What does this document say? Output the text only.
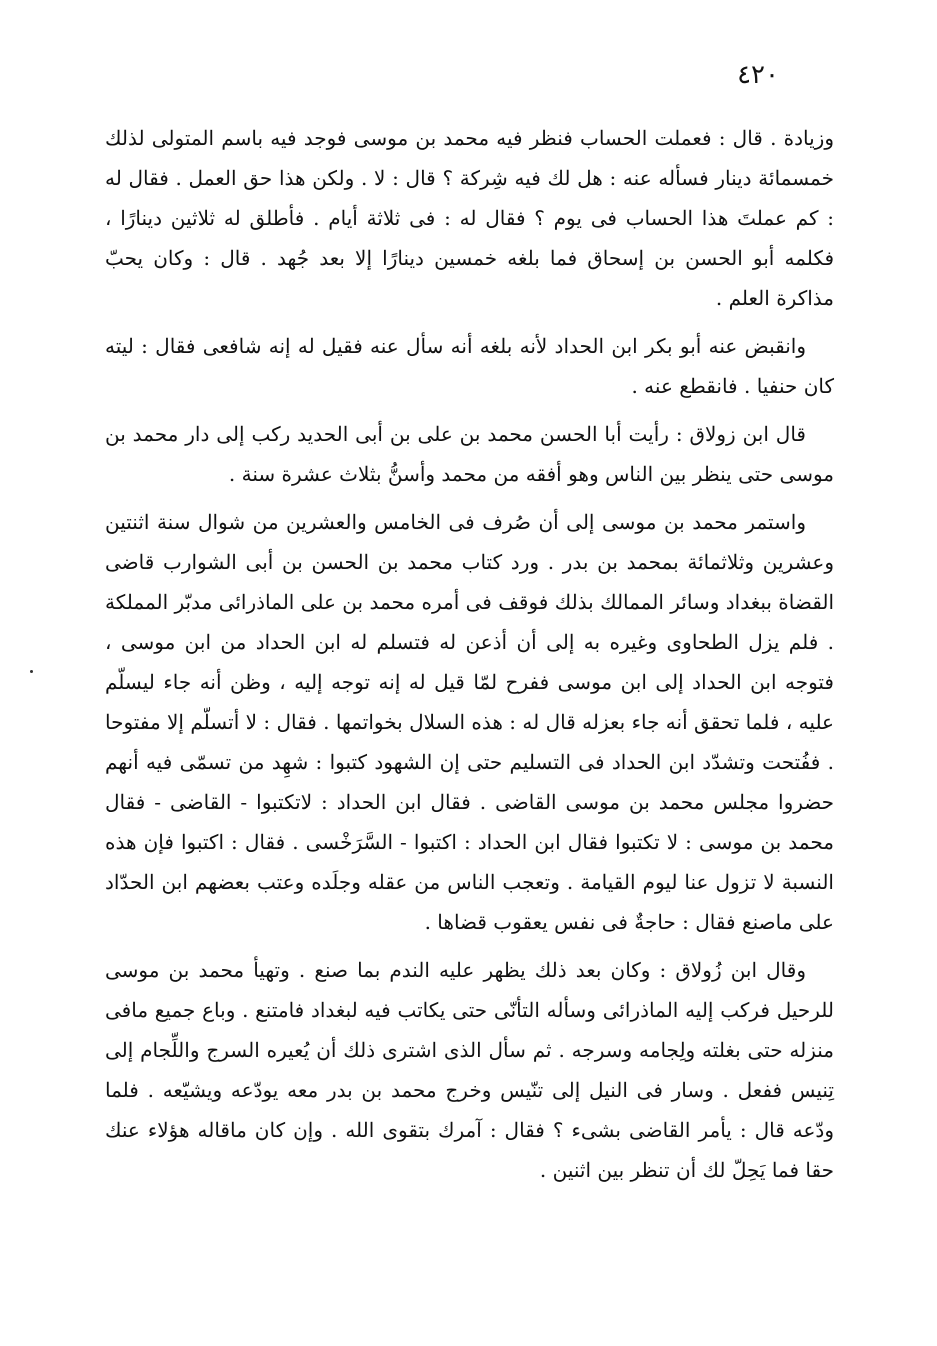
٤٢٠

وزيادة . قال : فعملت الحساب فنظر فيه محمد بن موسى فوجد فيه باسم المتولى لذلك خمسمائة دينار فسأله عنه : هل لك فيه شِركة ؟ قال : لا . ولكن هذا حق العمل . فقال له : كم عملتَ هذا الحساب فى يوم ؟ فقال له : فى ثلاثة أيام . فأطلق له ثلاثين دينارًا ، فكلمه أبو الحسن بن إسحاق فما بلغه خمسين دينارًا إلا بعد جُهد . قال : وكان يحبّ مذاكرة العلم .

وانقبض عنه أبو بكر ابن الحداد لأنه بلغه أنه سأل عنه فقيل له إنه شافعى فقال : ليته كان حنفيا . فانقطع عنه .

قال ابن زولاق : رأيت أبا الحسن محمد بن على بن أبى الحديد ركب إلى دار محمد بن موسى حتى ينظر بين الناس وهو أفقه من محمد وأسنُّ بثلاث عشرة سنة .

واستمر محمد بن موسى إلى أن صُرف فى الخامس والعشرين من شوال سنة اثنتين وعشرين وثلاثمائة بمحمد بن بدر . ورد كتاب محمد بن الحسن بن أبى الشوارب قاضى القضاة ببغداد وسائر الممالك بذلك فوقف فى أمره محمد بن على الماذرائى مدبّر المملكة . فلم يزل الطحاوى وغيره به إلى أن أذعن له فتسلم له ابن الحداد من ابن موسى ، فتوجه ابن الحداد إلى ابن موسى ففرح لمّا قيل له إنه توجه إليه ، وظن أنه جاء ليسلّم عليه ، فلما تحقق أنه جاء بعزله قال له : هذه السلال بخواتمها . فقال : لا أتسلّم إلا مفتوحا . ففُتحت وتشدّد ابن الحداد فى التسليم حتى إن الشهود كتبوا : شهِد من تسمّى فيه أنهم حضروا مجلس محمد بن موسى القاضى . فقال ابن الحداد : لاتكتبوا - القاضى - فقال محمد بن موسى : لا تكتبوا فقال ابن الحداد : اكتبوا - السَّرَخْسى . فقال : اكتبوا فإن هذه النسبة لا تزول عنا ليوم القيامة . وتعجب الناس من عقله وجلَده وعتب بعضهم ابن الحدّاد على ماصنع فقال : حاجةٌ فى نفس يعقوب قضاها .

وقال ابن زُولاق : وكان بعد ذلك يظهر عليه الندم بما صنع . وتهيأ محمد بن موسى للرحيل فركب إليه الماذرائى وسأله التأنّى حتى يكاتب فيه لبغداد فامتنع . وباع جميع مافى منزله حتى بغلته ولِجامه وسرجه . ثم سأل الذى اشترى ذلك أن يُعيره السرج واللِّجام إلى تِنيس ففعل . وسار فى النيل إلى تنّيس وخرج محمد بن بدر معه يودّعه ويشيّعه . فلما ودّعه قال : يأمر القاضى بشىء ؟ فقال : آمرك بتقوى الله . وإن كان ماقاله هؤلاء عنك حقا فما يَحِلّ لك أن تنظر بين اثنين .
